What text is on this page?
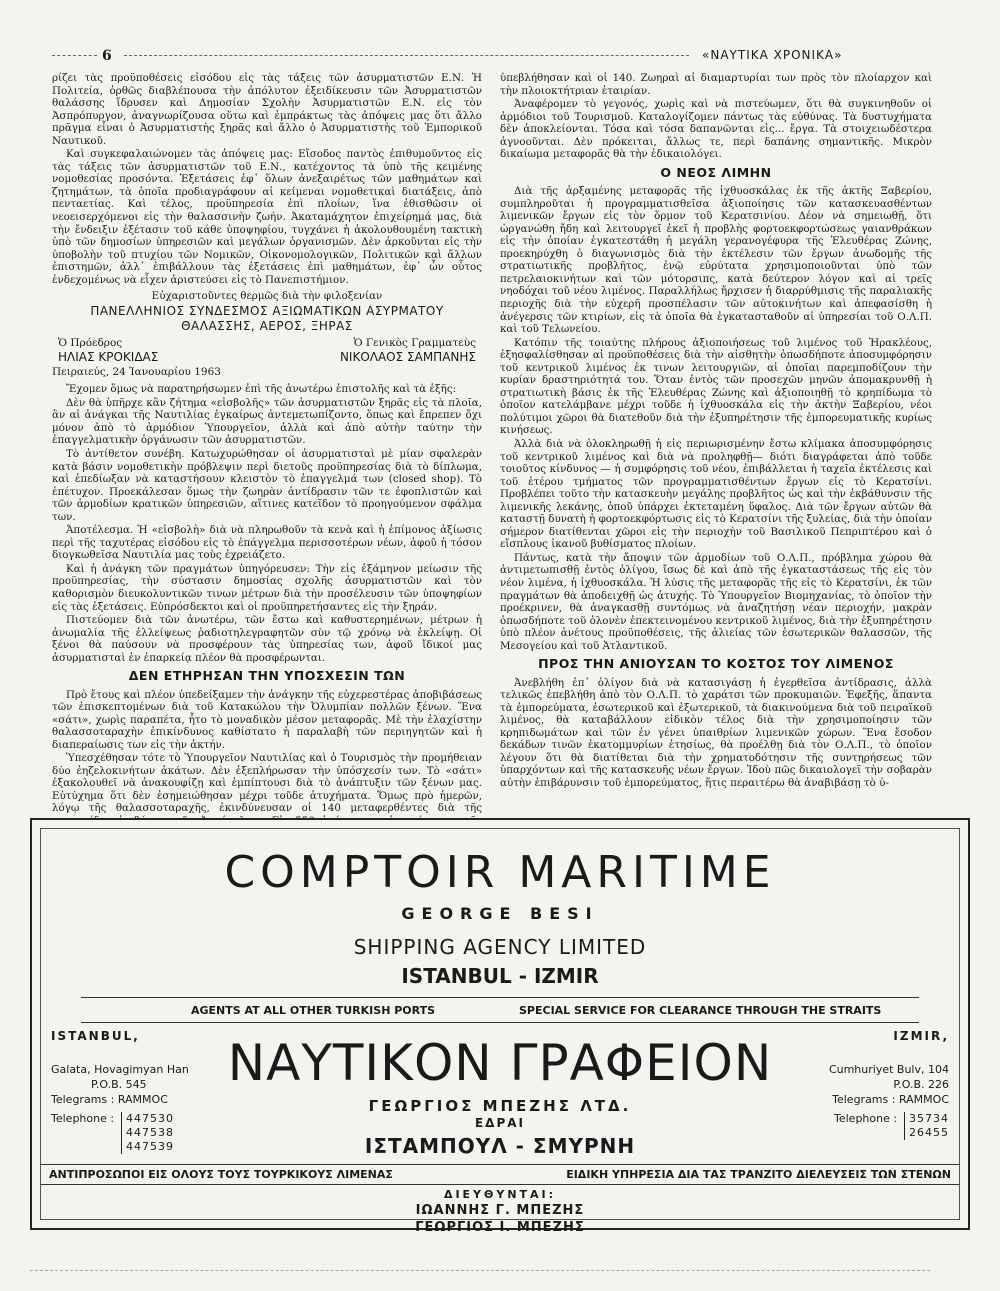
6	«ΝΑΥΤΙΚΑ ΧΡΟΝΙΚΑ»

ρίζει τὰς προϋποθέσεις εἰσόδου εἰς τὰς τάξεις τῶν ἀσυρματιστῶν Ε.Ν. Ἡ Πολιτεία, ὀρθῶς διαβλέπουσα τὴν ἀπόλυτον ἐξειδίκευσιν τῶν Ἀσυρματιστῶν θαλάσσης ἵδρυσεν καὶ Δημοσίαν Σχολὴν Ἀσυρματιστῶν Ε.Ν. εἰς τὸν Ἀσπρόπυργον, ἀναγνωρίζουσα οὕτω καὶ ἐμπράκτως τὰς ἀπόψεις μας ὅτι ἄλλο πρᾶγμα εἶναι ὁ Ἀσυρματιστὴς ξηρᾶς καὶ ἄλλο ὁ Ἀσυρματιστὴς τοῦ Ἐμπορικοῦ Ναυτικοῦ.

Καὶ συγκεφαλαιώνομεν τὰς ἀπόψεις μας: Εἴσοδος παντὸς ἐπιθυμοῦντος εἰς τὰς τάξεις τῶν ἀσυρματιστῶν τοῦ Ε.Ν., κατέχοντος τὰ ὑπὸ τῆς κειμένης νομοθεσίας προσόντα. Ἐξετάσεις ἐφ᾽ ὅλων ἀνεξαιρέτως τῶν μαθημάτων καὶ ζητημάτων, τὰ ὁποῖα προδιαγράφουν αἱ κείμεναι νομοθετικαὶ διατάξεις, ἀπὸ πενταετίας. Καὶ τέλος, προϋπηρεσία ἐπὶ πλοίων, ἵνα ἐθισθῶσιν οἱ νεοεισερχόμενοι εἰς τὴν θαλασσινὴν ζωήν. Ἀκαταμάχητον ἐπιχείρημά μας, διὰ τὴν ἔνδειξιν ἐξέτασιν τοῦ κάθε ὑποψηφίου, τυγχάνει ἡ ἀκολουθουμένη τακτικὴ ὑπὸ τῶν δημοσίων ὑπηρεσιῶν καὶ μεγάλων ὀργανισμῶν. Δὲν ἀρκοῦνται εἰς τὴν ὑποβολὴν τοῦ πτυχίου τῶν Νομικῶν, Οἰκονομολογικῶν, Πολιτικῶν καὶ ἄλλων ἐπιστημῶν, ἀλλ᾽ ἐπιβάλλουν τὰς ἐξετάσεις ἐπὶ μαθημάτων, ἐφ᾽ ὧν οὗτος ἐνδεχομένως νὰ εἶχεν ἀριστεύσει εἰς τὸ Πανεπιστήμιον.

Εὐχαριστοῦντες θερμῶς διὰ τὴν φιλοξενίαν

ΠΑΝΕΛΛΗΝΙΟΣ ΣΥΝΔΕΣΜΟΣ ΑΞΙΩΜΑΤΙΚΩΝ ΑΣΥΡΜΑΤΟΥ
ΘΑΛΑΣΣΗΣ, ΑΕΡΟΣ, ΞΗΡΑΣ
Ὁ Πρόεδρος	Ὁ Γενικὸς Γραμματεὺς
ΗΛΙΑΣ ΚΡΟΚΙΔΑΣ	ΝΙΚΟΛΑΟΣ ΣΑΜΠΑΝΗΣ
Πειραιεύς, 24 Ἰανουαρίου 1963

Ἔχομεν ὅμως νὰ παρατηρήσωμεν ἐπὶ τῆς ἀνωτέρω ἐπιστολῆς καὶ τὰ ἑξῆς:

Δὲν θὰ ὑπῆρχε κἂν ζήτημα «εἰσβολῆς» τῶν ἀσυρματιστῶν ξηρᾶς εἰς τὰ πλοῖα, ἂν αἱ ἀνάγκαι τῆς Ναυτιλίας ἐγκαίρως ἀντεμετωπίζοντο, ὅπως καὶ ἔπρεπεν ὄχι μόνον ἀπὸ τὸ ἁρμόδιον Ὑπουργεῖον, ἀλλὰ καὶ ἀπὸ αὐτὴν ταύτην τὴν ἐπαγγελματικὴν ὀργάνωσιν τῶν ἀσυρματιστῶν.

Τὸ ἀντίθετον συνέβη. Κατωχυρώθησαν οἱ ἀσυρματισταὶ μὲ μίαν σφαλερὰν κατὰ βάσιν νομοθετικὴν πρόβλεψιν περὶ διετοῦς προϋπηρεσίας διὰ τὸ δίπλωμα, καὶ ἐπεδίωξαν νὰ καταστήσουν κλειστὸν τὸ ἐπαγγελμά των (closed shop). Τὸ ἐπέτυχον. Προεκάλεσαν ὅμως τὴν ζωηρὰν ἀντίδρασιν τῶν τε ἐφοπλιστῶν καὶ τῶν ἁρμοδίων κρατικῶν ὑπηρεσιῶν, αἵτινες κατεῖδον τὸ προηγούμενον σφάλμα των.

Ἀποτέλεσμα. Ἡ «εἰσβολὴ» διὰ νὰ πληρωθοῦν τὰ κενὰ καὶ ἡ ἐπίμονος ἀξίωσις περὶ τῆς ταχυτέρας εἰσόδου εἰς τὸ ἐπάγγελμα περισσοτέρων νέων, ἀφοῦ ἡ τόσον διογκωθεῖσα Ναυτιλία μας τοὺς ἐχρειάζετο.

Καὶ ἡ ἀνάγκη τῶν πραγμάτων ὑπηγόρευσεν: Τὴν εἰς ἑξάμηνον μείωσιν τῆς προϋπηρεσίας, τὴν σύστασιν δημοσίας σχολῆς ἀσυρματιστῶν καὶ τὸν καθορισμὸν διευκολυντικῶν τινων μέτρων διὰ τὴν προσέλευσιν τῶν ὑποψηφίων εἰς τὰς ἐξετάσεις. Εὐπρόσδεκτοι καὶ οἱ προϋπηρετήσαντες εἰς τὴν ξηράν.

Πιστεύομεν διὰ τῶν ἀνωτέρω, τῶν ἔστω καὶ καθυστερημένων, μέτρων ἡ ἀνωμαλία τῆς ἐλλείψεως ῥαδιοτηλεγραφητῶν σὺν τῷ χρόνῳ νὰ ἐκλείψῃ. Οἱ ξένοι θὰ παύσουν νὰ προσφέρουν τὰς ὑπηρεσίας των, ἀφοῦ ἴδικοί μας ἀσυρματισταὶ ἐν ἐπαρκείᾳ πλέον θὰ προσφέρωνται.

ΔΕΝ ΕΤΗΡΗΣΑΝ ΤΗΝ ΥΠΟΣΧΕΣΙΝ ΤΩΝ

Πρὸ ἔτους καὶ πλέον ὑπεδείξαμεν τὴν ἀνάγκην τῆς εὐχερεστέρας ἀποβιβάσεως τῶν ἐπισκεπτομένων διὰ τοῦ Κατακώλου τὴν Ὀλυμπίαν πολλῶν ξένων. Ἕνα «σάτι», χωρὶς παραπέτα, ἦτο τὸ μοναδικὸν μέσον μεταφορᾶς. Μὲ τὴν ἐλαχίστην θαλασσοταραχὴν ἐπικίνδυνος καθίστατο ἡ παραλαβὴ τῶν περιηγητῶν καὶ ἡ διαπεραίωσις των εἰς τὴν ἀκτήν.

Ὑπεσχέθησαν τότε τὸ Ὑπουργεῖον Ναυτιλίας καὶ ὁ Τουρισμὸς τὴν προμήθειαν δύο ἐηζελοκινήτων ἀκάτων. Δὲν ἐξεπλήρωσαν τὴν ὑπόσχεσίν των. Τὸ «σάτι» ἐξακολουθεῖ νὰ ἀνακουφίζῃ καὶ ἐμπίπτουσι διὰ τὸ ἀνάπτυξιν τῶν ξένων μας. Εὐτύχημα ὅτι δὲν ἐσημειώθησαν μέχρι τοῦδε ἀτυχήματα. Ὅμως πρὸ ἡμερῶν, λόγῳ τῆς θαλασσοταραχῆς, ἐκινδύνευσαν οἱ 140 μεταφερθέντες διὰ τῆς

ὑπεβλήθησαν καὶ οἱ 140. Ζωηραὶ αἱ διαμαρτυρίαι των πρὸς τὸν πλοίαρχον καὶ τὴν πλοιοκτήτριαν ἑταιρίαν.

Ἀναφέρομεν τὸ γεγονός, χωρὶς καὶ νὰ πιστεύωμεν, ὅτι θὰ συγκινηθοῦν οἱ ἁρμόδιοι τοῦ Τουρισμοῦ. Καταλογίζομεν πάντως τὰς εὐθύνας. Τὰ δυστυχήματα δὲν ἀποκλείονται. Τόσα καὶ τόσα δαπανῶνται εἰς... ἔργα. Τὰ στοιχειωδέστερα ἀγνοοῦνται. Δὲν πρόκειται, ἄλλως τε, περὶ δαπάνης σημαντικῆς. Μικρὸν δικαίωμα μεταφορᾶς θὰ τὴν ἐδικαιολόγει.

Ο ΝΕΟΣ ΛΙΜΗΝ

Διὰ τῆς ἀρξαμένης μεταφορᾶς τῆς ἰχθυοσκάλας ἐκ τῆς ἀκτῆς Ξαβερίου, συμπληροῦται ἡ προγραμματισθεῖσα ἀξιοποίησις τῶν κατασκευασθέντων λιμενικῶν ἔργων εἰς τὸν ὅρμον τοῦ Κερατσινίου. Δέον νὰ σημειωθῇ, ὅτι ὡργανώθη ἤδη καὶ λειτουργεῖ ἐκεῖ ἡ προβλὴς φορτοεκφορτώσεως γαιανθράκων εἰς τὴν ὁποίαν ἐγκατεστάθη ἡ μεγάλη γερανογέφυρα τῆς Ἐλευθέρας Ζώνης, προεκηρύχθη ὁ διαγωνισμὸς διὰ τὴν ἐκτέλεσιν τῶν ἔργων ἀνωδομῆς τῆς στρατιωτικῆς προβλῆτος, ἐνῷ εὐρύτατα χρησιμοποιοῦνται ὑπὸ τῶν πετρελαιοκινήτων καὶ τῶν μότορσιπς, κατὰ δεύτερον λόγον καὶ αἱ τρεῖς νηοδόχαι τοῦ νέου λιμένος. Παραλλήλως ἤρχισεν ἡ διαρρύθμισις τῆς παραλιακῆς περιοχῆς διὰ τὴν εὐχερῆ προσπέλασιν τῶν αὐτοκινήτων καὶ ἀπεφασίσθη ἡ ἀνέγερσις τῶν κτιρίων, εἰς τὰ ὁποῖα θὰ ἐγκατασταθοῦν αἱ ὑπηρεσίαι τοῦ Ο.Λ.Π. καὶ τοῦ Τελωνείου.

Κατόπιν τῆς τοιαύτης πλήρους ἀξιοποιήσεως τοῦ λιμένος τοῦ Ἡρακλέους, ἐξησφαλίσθησαν αἱ προϋποθέσεις διὰ τὴν αἰσθητὴν ὁπωσδήποτε ἀποσυμφόρησιν τοῦ κεντρικοῦ λιμένος ἐκ τινων λειτουργιῶν, αἱ ὁποῖαι παρεμποδίζουν τὴν κυρίαν δραστηριότητά του. Ὅταν ἐντὸς τῶν προσεχῶν μηνῶν ἀπομακρυνθῇ ἡ στρατιωτικὴ βάσις ἐκ τῆς Ἐλευθέρας Ζώνης καὶ ἀξιοποιηθῇ τὸ κρηπίδωμα τὸ ὁποῖον κατελάμβανε μέχρι τοῦδε ἡ ἰχθυοσκάλα εἰς τὴν ἀκτὴν Ξαβερίου, νέοι πολύτιμοι χῶροι θὰ διατεθοῦν διὰ τὴν ἐξυπηρέτησιν τῆς ἐμπορευματικῆς κυρίως κινήσεως.

Ἀλλὰ διὰ νὰ ὁλοκληρωθῇ ἡ εἰς περιωρισμένην ἔστω κλίμακα ἀποσυμφόρησις τοῦ κεντρικοῦ λιμένος καὶ διὰ νὰ προληφθῇ— διότι διαγράφεται ἀπὸ τοῦδε τοιοῦτος κίνδυνος — ἡ συμφόρησις τοῦ νέου, ἐπιβάλλεται ἡ ταχεῖα ἐκτέλεσις καὶ τοῦ ἑτέρου τμήματος τῶν προγραμματισθέντων ἔργων εἰς τὸ Κερατσίνι. Προβλέπει τοῦτο τὴν κατασκευὴν μεγάλης προβλῆτος ὡς καὶ τὴν ἐκβάθυνσιν τῆς λιμενικῆς λεκάνης, ὁποῦ ὑπάρχει ἐκτεταμένη ὕφαλος. Διὰ τῶν ἔργων αὐτῶν θὰ καταστῇ δυνατὴ ἡ φορτοεκφόρτωσις εἰς τὸ Κερατσίνι τῆς ξυλείας, διὰ τὴν ὁποίαν σήμερον διατίθενται χῶροι εἰς τὴν περιοχὴν τοῦ Βασιλικοῦ Πεπριπτέρου καὶ ὁ εἴσπλους ἱκανοῦ βυθίσματος πλοίων.

Πάντως, κατὰ τὴν ἄποψιν τῶν ἁρμοδίων τοῦ Ο.Λ.Π., πρόβλημα χώρου θὰ ἀντιμετωπισθῇ ἐντὸς ὀλίγου, ἴσως δὲ καὶ ἀπὸ τῆς ἐγκαταστάσεως τῆς εἰς τὸν νέον λιμένα, ἡ ἰχθυοσκάλα. Ἡ λύσις τῆς μεταφορᾶς τῆς εἰς τὸ Κερατσίνι, ἐκ τῶν πραγμάτων θὰ ἀποδειχθῇ ὡς ἀτυχής. Τὸ Ὑπουργεῖον Βιομηχανίας, τὸ ὁποῖον τὴν προέκρινεν, θὰ ἀναγκασθῇ συντόμως νὰ ἀναζητήσῃ νέαν περιοχήν, μακρὰν ὁπωσδήποτε τοῦ ὁλονὲν ἐπεκτεινομένου κεντρικοῦ λιμένος, διὰ τὴν ἐξυπηρέτησιν ὑπὸ πλέον ἀνέτους προϋποθέσεις, τῆς ἁλιείας τῶν ἐσωτερικῶν θαλασσῶν, τῆς Μεσογείου καὶ τοῦ Ἀτλαντικοῦ.

ΠΡΟΣ ΤΗΝ ΑΝΙΟΥΣΑΝ ΤΟ ΚΟΣΤΟΣ ΤΟΥ ΛΙΜΕΝΟΣ

Ἀνεβλήθη ἐπ᾽ ὀλίγον διὰ νὰ κατασιγάσῃ ἡ ἐγερθεῖσα ἀντίδρασις, ἀλλὰ τελικῶς ἐπεβλήθη ἀπὸ τὸν Ο.Λ.Π. τὸ χαράτσι τῶν προκυμαιῶν. Ἐφεξῆς, ἅπαντα τὰ ἐμπορεύματα, ἐσωτερικοῦ καὶ ἐξωτερικοῦ, τὰ διακινούμενα διὰ τοῦ πειραϊκοῦ λιμένος, θὰ καταβάλλουν εἰδικὸν τέλος διὰ τὴν χρησιμοποίησιν τῶν κρηπιδωμάτων καὶ τῶν ἐν γένει ὑπαιθρίων λιμενικῶν χώρων. Ἕνα ἔσοδον δεκάδων τινῶν ἑκατομμυρίων ἐτησίως, θὰ προέλθῃ διὰ τὸν Ο.Λ.Π., τὸ ὁποῖον λέγουν ὅτι θὰ διατίθεται διὰ τὴν χρηματοδότησιν τῆς συντηρήσεως τῶν ὑπαρχόντων καὶ τῆς κατασκευῆς νέων ἔργων. Ἰδοὺ πῶς δικαιολογεῖ τὴν σοβαρὰν αὐτὴν ἐπιβάρυνσιν τοῦ ἐμπορεύματος, ἥτις περαιτέρω θὰ ἀναβιβάσῃ τὸ ὑ-

COMPTOIR MARITIME
GEORGE BESI
SHIPPING AGENCY LIMITED
ISTANBUL - IZMIR
AGENTS AT ALL OTHER TURKISH PORTS	SPECIAL SERVICE FOR CLEARANCE THROUGH THE STRAITS
ISTANBUL,
Galata, Hovagimyan Han
P.O.B. 545
Telegrams : RAMMOC
Telephone :	447530
447538
447539
IZMIR,
Cumhuriyet Bulv, 104
P.O.B. 226
Telegrams : RAMMOC
Telephone :	35734
26455
ΝΑΥΤΙΚΟΝ ΓΡΑΦΕΙΟΝ
ΓΕΩΡΓΙΟΣ ΜΠΕΖΗΣ ΛΤΔ.
ΕΔΡΑΙ
ΙΣΤΑΜΠΟΥΛ - ΣΜΥΡΝΗ
ΑΝΤΙΠΡΟΣΩΠΟΙ ΕΙΣ ΟΛΟΥΣ ΤΟΥΣ ΤΟΥΡΚΙΚΟΥΣ ΛΙΜΕΝΑΣ	ΕΙΔΙΚΗ ΥΠΗΡΕΣΙΑ ΔΙΑ ΤΑΣ ΤΡΑΝΖΙΤΟ ΔΙΕΛΕΥΣΕΙΣ ΤΩΝ ΣΤΕΝΩΝ
ΔΙΕΥΘΥΝΤΑΙ:
ΙΩΑΝΝΗΣ Γ. ΜΠΕΖΗΣ
ΓΕΩΡΓΙΟΣ Ι. ΜΠΕΖΗΣ
